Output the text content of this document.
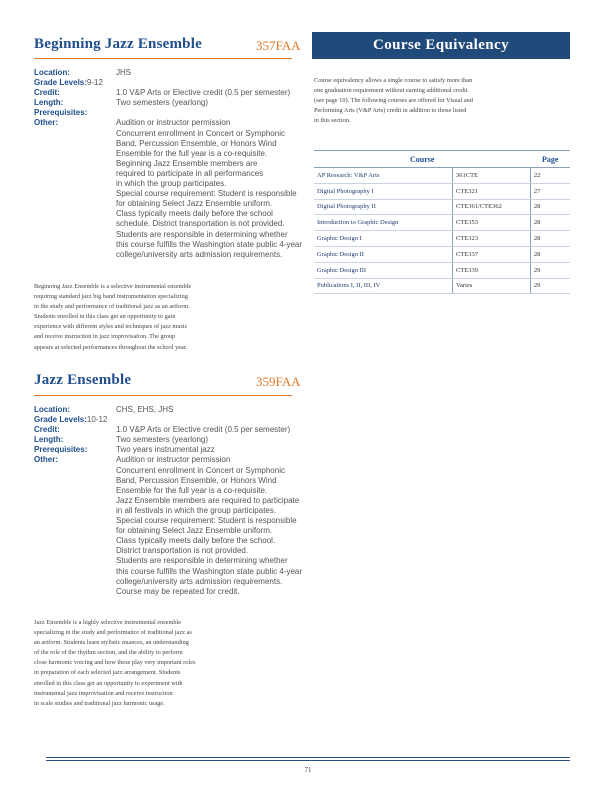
Beginning Jazz Ensemble	357FAA
Location:	JHS
Grade Levels: 9-12
Credit:	1.0 V&P Arts or Elective credit (0.5 per semester)
Length:	Two semesters (yearlong)
Prerequisites:
Other:	Audition or instructor permission
Concurrent enrollment in Concert or Symphonic
Band, Percussion Ensemble, or Honors Wind
Ensemble for the full year is a co-requisite.
Beginning Jazz Ensemble members are
required to participate in all performances
in which the group participates.
Special course requirement: Student is responsible
for obtaining Select Jazz Ensemble uniform.
Class typically meets daily before the school
schedule. District transportation is not provided.
Students are responsible in determining whether
this course fulfills the Washington state public 4-year
college/university arts admission requirements.
Beginning Jazz Ensemble is a selective instrumental ensemble
requiring standard jazz big band instrumentation specializing
in the study and performance of traditional jazz as an artform.
Students enrolled in this class get an opportunity to gain
experience with different styles and techniques of jazz music
and receive instruction in jazz improvisation. The group
appears at selected performances throughout the school year.
Jazz Ensemble	359FAA
Location:	CHS, EHS, JHS
Grade Levels: 10-12
Credit:	1.0 V&P Arts or Elective credit (0.5 per semester)
Length:	Two semesters (yearlong)
Prerequisites:	Two years instrumental jazz
Other:	Audition or instructor permission
Concurrent enrollment in Concert or Symphonic
Band, Percussion Ensemble, or Honors Wind
Ensemble for the full year is a co-requisite.
Jazz Ensemble members are required to participate
in all festivals in which the group participates.
Special course requirement: Student is responsible
for obtaining Select Jazz Ensemble uniform.
Class typically meets daily before the school.
District transportation is not provided.
Students are responsible in determining whether
this course fulfills the Washington state public 4-year
college/university arts admission requirements.
Course may be repeated for credit.
Jazz Ensemble is a highly selective instrumental ensemble
specializing in the study and performance of traditional jazz as
an artform. Students learn stylistic nuances, an understanding
of the role of the rhythm section, and the ability to perform
close harmonic voicing and how these play very important roles
in preparation of each selected jazz arrangement. Students
enrolled in this class get an opportunity to experiment with
instrumental jazz improvisation and receive instruction
in scale studies and traditional jazz harmonic usage.
Course Equivalency
Course equivalency allows a single course to satisfy more than
one graduation requirement without earning additional credit
(see page 10). The following courses are offered for Visual and
Performing Arts (V&P Arts) credit in addition to those listed
in this section.
Course		Page
AP Research: V&P Arts	361CTE	22
Digital Photography I	CTE321	27
Digital Photography II	CTE361/CTE362	28
Introduction to Graphic Design	CTE353	28
Graphic Design I	CTE323	28
Graphic Design II	CTE337	28
Graphic Design III	CTE339	29
Publications I, II, III, IV	Varies	29
71
